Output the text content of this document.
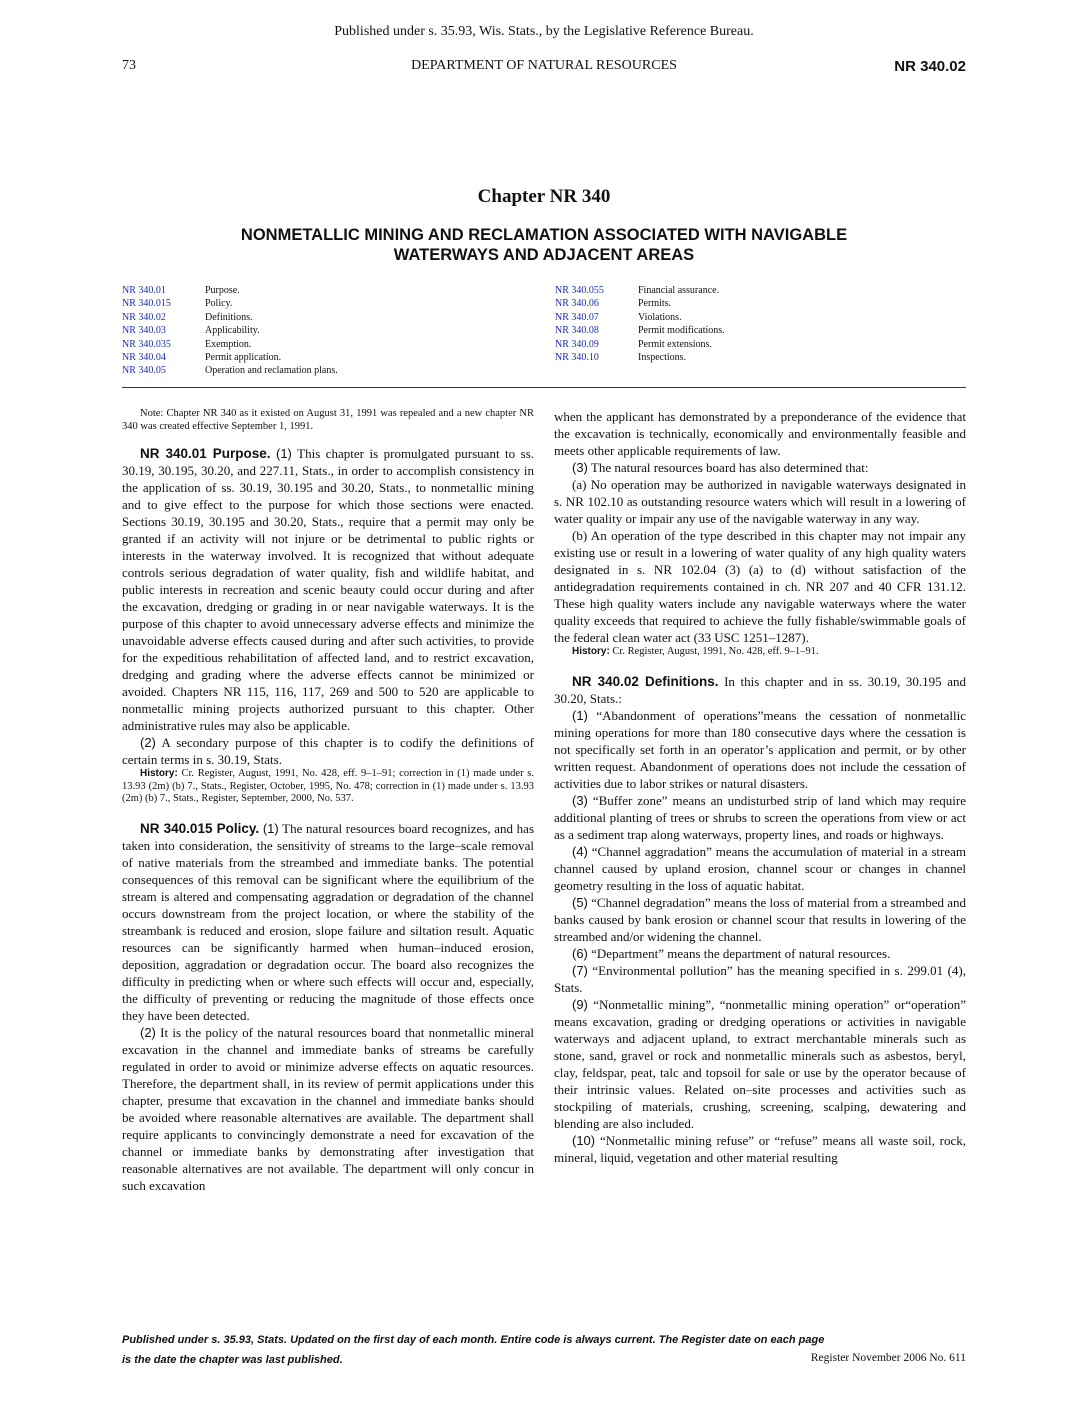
Published under s. 35.93, Wis. Stats., by the Legislative Reference Bureau.
73	DEPARTMENT OF NATURAL RESOURCES	NR 340.02
Chapter NR 340
NONMETALLIC MINING AND RECLAMATION ASSOCIATED WITH NAVIGABLE
WATERWAYS AND ADJACENT AREAS
NR 340.01	Purpose.
NR 340.015	Policy.
NR 340.02	Definitions.
NR 340.03	Applicability.
NR 340.035	Exemption.
NR 340.04	Permit application.
NR 340.05	Operation and reclamation plans.
NR 340.055	Financial assurance.
NR 340.06	Permits.
NR 340.07	Violations.
NR 340.08	Permit modifications.
NR 340.09	Permit extensions.
NR 340.10	Inspections.

Note: Chapter NR 340 as it existed on August 31, 1991 was repealed and a new chapter NR 340 was created effective September 1, 1991.

NR 340.01 Purpose. (1) This chapter is promulgated pursuant to ss. 30.19, 30.195, 30.20, and 227.11, Stats., in order to accomplish consistency in the application of ss. 30.19, 30.195 and 30.20, Stats., to nonmetallic mining and to give effect to the purpose for which those sections were enacted. Sections 30.19, 30.195 and 30.20, Stats., require that a permit may only be granted if an activity will not injure or be detrimental to public rights or interests in the waterway involved. It is recognized that without adequate controls serious degradation of water quality, fish and wildlife habitat, and public interests in recreation and scenic beauty could occur during and after the excavation, dredging or grading in or near navigable waterways. It is the purpose of this chapter to avoid unnecessary adverse effects and minimize the unavoidable adverse effects caused during and after such activities, to provide for the expeditious rehabilitation of affected land, and to restrict excavation, dredging and grading where the adverse effects cannot be minimized or avoided. Chapters NR 115, 116, 117, 269 and 500 to 520 are applicable to nonmetallic mining projects authorized pursuant to this chapter. Other administrative rules may also be applicable.

(2) A secondary purpose of this chapter is to codify the definitions of certain terms in s. 30.19, Stats.

History: Cr. Register, August, 1991, No. 428, eff. 9–1–91; correction in (1) made under s. 13.93 (2m) (b) 7., Stats., Register, October, 1995, No. 478; correction in (1) made under s. 13.93 (2m) (b) 7., Stats., Register, September, 2000, No. 537.

NR 340.015 Policy. (1) The natural resources board recognizes, and has taken into consideration, the sensitivity of streams to the large–scale removal of native materials from the streambed and immediate banks. The potential consequences of this removal can be significant where the equilibrium of the stream is altered and compensating aggradation or degradation of the channel occurs downstream from the project location, or where the stability of the streambank is reduced and erosion, slope failure and siltation result. Aquatic resources can be significantly harmed when human–induced erosion, deposition, aggradation or degradation occur. The board also recognizes the difficulty in predicting when or where such effects will occur and, especially, the difficulty of preventing or reducing the magnitude of those effects once they have been detected.

(2) It is the policy of the natural resources board that nonmetallic mineral excavation in the channel and immediate banks of streams be carefully regulated in order to avoid or minimize adverse effects on aquatic resources. Therefore, the department shall, in its review of permit applications under this chapter, presume that excavation in the channel and immediate banks should be avoided where reasonable alternatives are available. The department shall require applicants to convincingly demonstrate a need for excavation of the channel or immediate banks by demonstrating after investigation that reasonable alternatives are not available. The department will only concur in such excavation

when the applicant has demonstrated by a preponderance of the evidence that the excavation is technically, economically and environmentally feasible and meets other applicable requirements of law.

(3) The natural resources board has also determined that:

(a) No operation may be authorized in navigable waterways designated in s. NR 102.10 as outstanding resource waters which will result in a lowering of water quality or impair any use of the navigable waterway in any way.

(b) An operation of the type described in this chapter may not impair any existing use or result in a lowering of water quality of any high quality waters designated in s. NR 102.04 (3) (a) to (d) without satisfaction of the antidegradation requirements contained in ch. NR 207 and 40 CFR 131.12. These high quality waters include any navigable waterways where the water quality exceeds that required to achieve the fully fishable/swimmable goals of the federal clean water act (33 USC 1251–1287).

History: Cr. Register, August, 1991, No. 428, eff. 9–1–91.

NR 340.02 Definitions. In this chapter and in ss. 30.19, 30.195 and 30.20, Stats.:

(1) “Abandonment of operations”means the cessation of nonmetallic mining operations for more than 180 consecutive days where the cessation is not specifically set forth in an operator’s application and permit, or by other written request. Abandonment of operations does not include the cessation of activities due to labor strikes or natural disasters.

(3) “Buffer zone” means an undisturbed strip of land which may require additional planting of trees or shrubs to screen the operations from view or act as a sediment trap along waterways, property lines, and roads or highways.

(4) “Channel aggradation” means the accumulation of material in a stream channel caused by upland erosion, channel scour or changes in channel geometry resulting in the loss of aquatic habitat.

(5) “Channel degradation” means the loss of material from a streambed and banks caused by bank erosion or channel scour that results in lowering of the streambed and/or widening the channel.

(6) “Department” means the department of natural resources.

(7) “Environmental pollution” has the meaning specified in s. 299.01 (4), Stats.

(9) “Nonmetallic mining”, “nonmetallic mining operation” or“operation” means excavation, grading or dredging operations or activities in navigable waterways and adjacent upland, to extract merchantable minerals such as stone, sand, gravel or rock and nonmetallic minerals such as asbestos, beryl, clay, feldspar, peat, talc and topsoil for sale or use by the operator because of their intrinsic values. Related on–site processes and activities such as stockpiling of materials, crushing, screening, scalping, dewatering and blending are also included.

(10) “Nonmetallic mining refuse” or “refuse” means all waste soil, rock, mineral, liquid, vegetation and other material resulting

Published under s. 35.93, Stats. Updated on the first day of each month. Entire code is always current. The Register date on each page
is the date the chapter was last published.	Register November 2006 No. 611
